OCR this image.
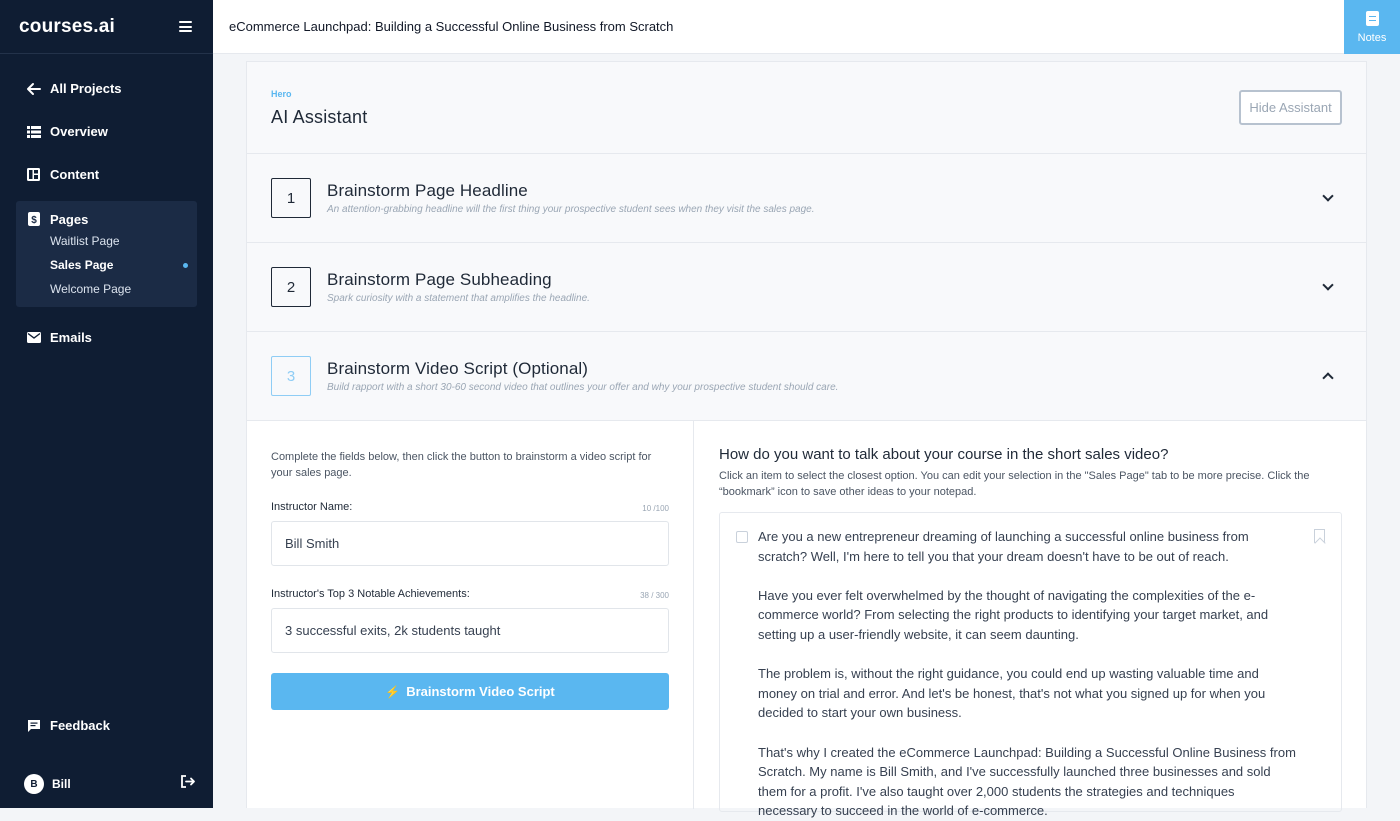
courses.ai
All Projects
Overview
Content
$ Pages
Waitlist Page
Sales Page
Welcome Page
Emails
Feedback
B	Bill
eCommerce Launchpad: Building a Successful Online Business from Scratch
Notes
Hero
AI Assistant	Hide Assistant
1	Brainstorm Page Headline
An attention-grabbing headline will the first thing your prospective student sees when they visit the sales page.
2	Brainstorm Page Subheading
Spark curiosity with a statement that amplifies the headline.
3	Brainstorm Video Script (Optional)
Build rapport with a short 30-60 second video that outlines your offer and why your prospective student should care.
Complete the fields below, then click the button to brainstorm a video script for your sales page.
Instructor Name:	10 /100
Bill Smith
Instructor's Top 3 Notable Achievements:	38 / 300
3 successful exits, 2k students taught
⚡ Brainstorm Video Script
How do you want to talk about your course in the short sales video?
Click an item to select the closest option. You can edit your selection in the "Sales Page" tab to be more precise. Click the “bookmark” icon to save other ideas to your notepad.

Are you a new entrepreneur dreaming of launching a successful online business from scratch? Well, I'm here to tell you that your dream doesn't have to be out of reach.

Have you ever felt overwhelmed by the thought of navigating the complexities of the e-commerce world? From selecting the right products to identifying your target market, and setting up a user-friendly website, it can seem daunting.

The problem is, without the right guidance, you could end up wasting valuable time and money on trial and error. And let's be honest, that's not what you signed up for when you decided to start your own business.

That's why I created the eCommerce Launchpad: Building a Successful Online Business from Scratch. My name is Bill Smith, and I've successfully launched three businesses and sold them for a profit. I've also taught over 2,000 students the strategies and techniques necessary to succeed in the world of e-commerce.
